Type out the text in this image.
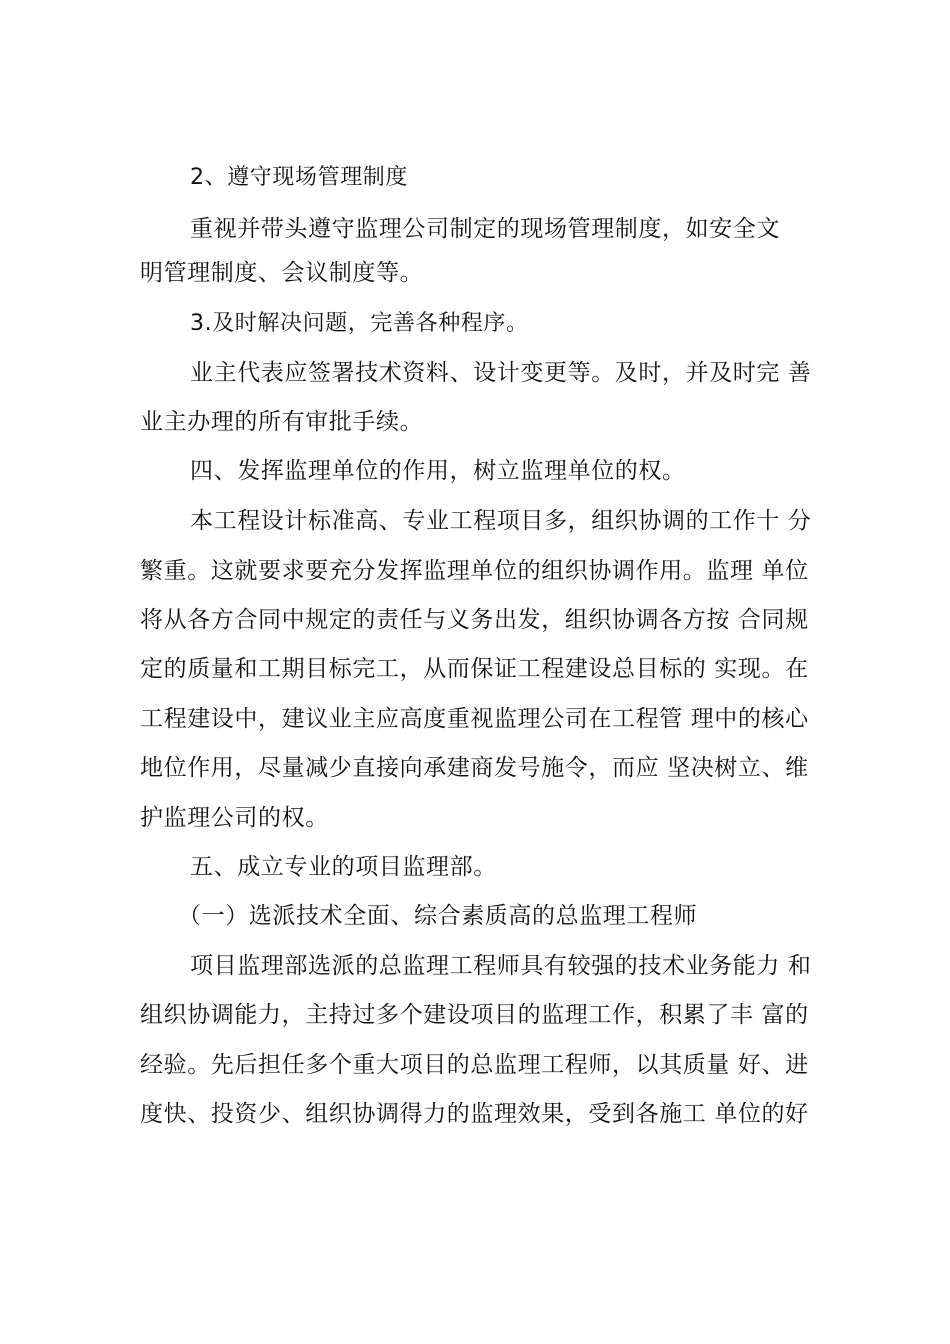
2、遵守现场管理制度
重视并带头遵守监理公司制定的现场管理制度，如安全文
明管理制度、会议制度等。
3.及时解决问题，完善各种程序。
业主代表应签署技术资料、设计变更等。及时，并及时完 善
业主办理的所有审批手续。
四、发挥监理单位的作用，树立监理单位的权。
本工程设计标准高、专业工程项目多，组织协调的工作十 分
繁重。这就要求要充分发挥监理单位的组织协调作用。监理 单位
将从各方合同中规定的责任与义务出发，组织协调各方按 合同规
定的质量和工期目标完工，从而保证工程建设总目标的 实现。在
工程建设中，建议业主应高度重视监理公司在工程管 理中的核心
地位作用，尽量减少直接向承建商发号施令，而应 坚决树立、维
护监理公司的权。
五、成立专业的项目监理部。
（一）选派技术全面、综合素质高的总监理工程师
项目监理部选派的总监理工程师具有较强的技术业务能力 和
组织协调能力，主持过多个建设项目的监理工作，积累了丰 富的
经验。先后担任多个重大项目的总监理工程师，以其质量 好、进
度快、投资少、组织协调得力的监理效果，受到各施工 单位的好
